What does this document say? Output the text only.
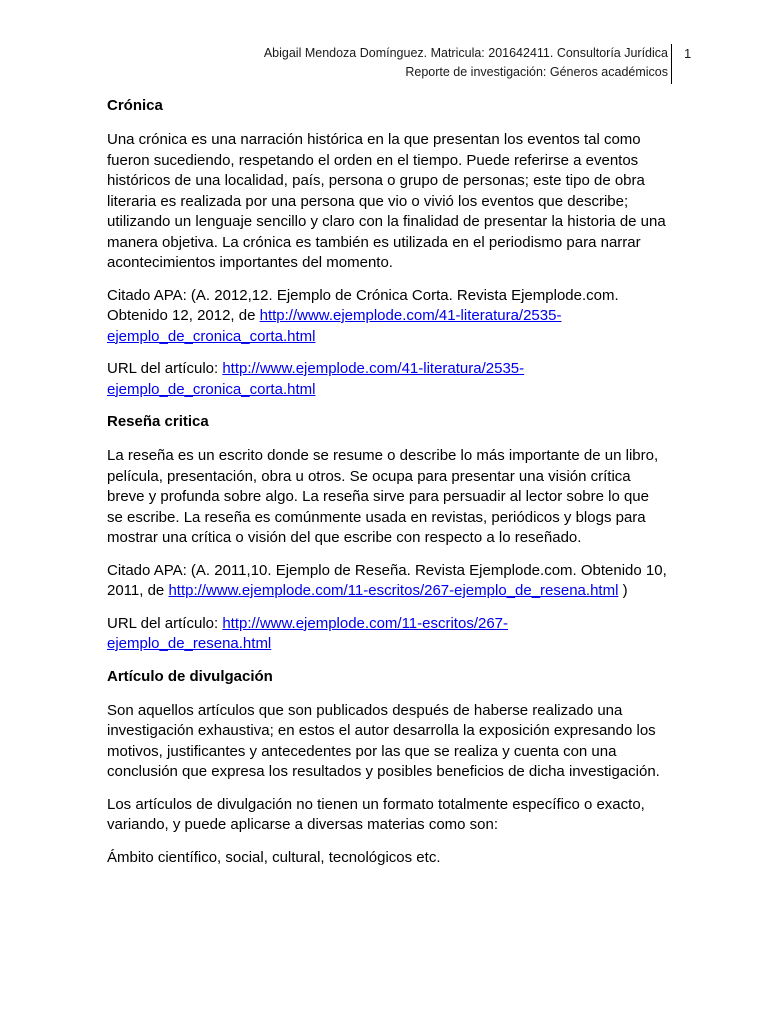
Abigail Mendoza Domínguez. Matricula: 201642411. Consultoría Jurídica
Reporte de investigación: Géneros académicos
1
Crónica

Una crónica es una narración histórica en la que presentan los eventos tal como fueron sucediendo, respetando el orden en el tiempo. Puede referirse a eventos históricos de una localidad, país, persona o grupo de personas; este tipo de obra literaria es realizada por una persona que vio o vivió los eventos que describe; utilizando un lenguaje sencillo y claro con la finalidad de presentar la historia de una manera objetiva. La crónica es también es utilizada en el periodismo para narrar acontecimientos importantes del momento.

Citado APA: (A. 2012,12. Ejemplo de Crónica Corta. Revista Ejemplode.com. Obtenido 12, 2012, de http://www.ejemplode.com/41-literatura/2535-ejemplo_de_cronica_corta.html

URL del artículo: http://www.ejemplode.com/41-literatura/2535-ejemplo_de_cronica_corta.html

Reseña critica

La reseña es un escrito donde se resume o describe lo más importante de un libro, película, presentación, obra u otros. Se ocupa para presentar una visión crítica breve y profunda sobre algo. La reseña sirve para persuadir al lector sobre lo que se escribe. La reseña es comúnmente usada en revistas, periódicos y blogs para mostrar una crítica o visión del que escribe con respecto a lo reseñado.

Citado APA: (A. 2011,10. Ejemplo de Reseña. Revista Ejemplode.com. Obtenido 10, 2011, de http://www.ejemplode.com/11-escritos/267-ejemplo_de_resena.html )

URL del artículo: http://www.ejemplode.com/11-escritos/267-ejemplo_de_resena.html

Artículo de divulgación

Son aquellos artículos que son publicados después de haberse realizado una investigación exhaustiva; en estos el autor desarrolla la exposición expresando los motivos, justificantes y antecedentes por las que se realiza y cuenta con una conclusión que expresa los resultados y posibles beneficios de dicha investigación.

Los artículos de divulgación no tienen un formato totalmente específico o exacto, variando, y puede aplicarse a diversas materias como son:

Ámbito científico, social, cultural, tecnológicos etc.
